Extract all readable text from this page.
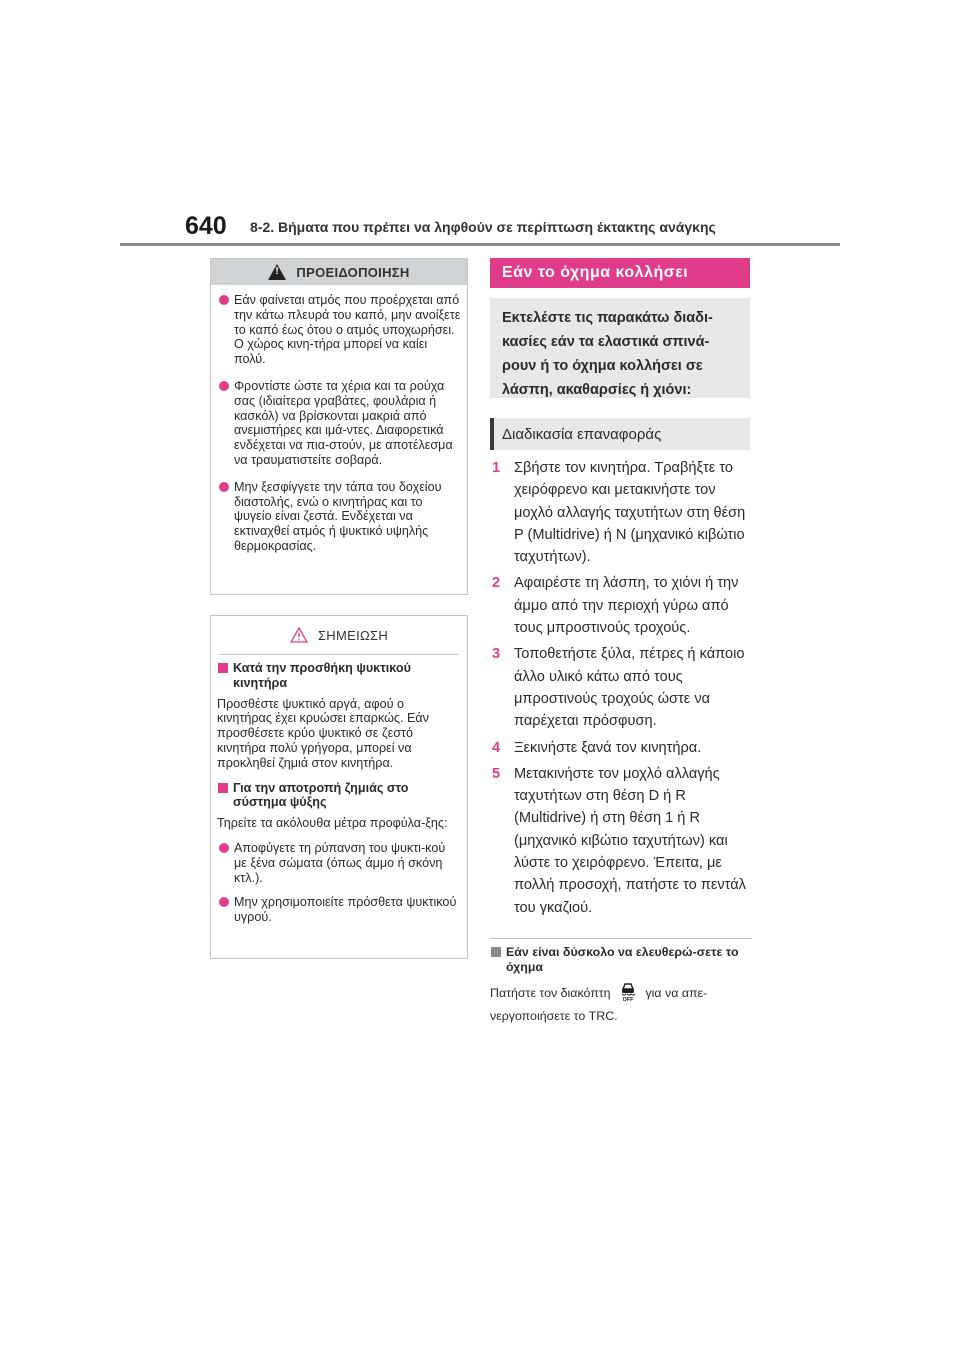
640 8-2. Βήματα που πρέπει να ληφθούν σε περίπτωση έκτακτης ανάγκης
!
ΠΡΟΕΙΔΟΠΟΙΗΣΗ
Εάν φαίνεται ατμός που προέρχεται από την κάτω πλευρά του καπό, μην ανοίξετε το καπό έως ότου ο ατμός υποχωρήσει. Ο χώρος κινη-τήρα μπορεί να καίει πολύ.
Φροντίστε ώστε τα χέρια και τα ρούχα σας (ιδιαίτερα γραβάτες, φουλάρια ή κασκόλ) να βρίσκονται μακριά από ανεμιστήρες και ιμά-ντες. Διαφορετικά ενδέχεται να πια-στούν, με αποτέλεσμα να τραυματιστείτε σοβαρά.
Μην ξεσφίγγετε την τάπα του δοχείου διαστολής, ενώ ο κινητήρας και το ψυγείο είναι ζεστά. Ενδέχεται να εκτιναχθεί ατμός ή ψυκτικό υψηλής θερμοκρασίας.
ΣΗΜΕΙΩΣΗ
Κατά την προσθήκη ψυκτικού κινητήρα
Προσθέστε ψυκτικό αργά, αφού ο κινητήρας έχει κρυώσει επαρκώς. Εάν προσθέσετε κρύο ψυκτικό σε ζεστό κινητήρα πολύ γρήγορα, μπορεί να προκληθεί ζημιά στον κινητήρα.
Για την αποτροπή ζημιάς στο σύστημα ψύξης
Τηρείτε τα ακόλουθα μέτρα προφύλα-ξης:
Αποφύγετε τη ρύπανση του ψυκτι-κού με ξένα σώματα (όπως άμμο ή σκόνη κτλ.).
Μην χρησιμοποιείτε πρόσθετα ψυκτικού υγρού.
Εάν το όχημα κολλήσει
Εκτελέστε τις παρακάτω διαδι-κασίες εάν τα ελαστικά σπινά-ρουν ή το όχημα κολλήσει σε λάσπη, ακαθαρσίες ή χιόνι:
Διαδικασία επαναφοράς
1 Σβήστε τον κινητήρα. Τραβήξτε το χειρόφρενο και μετακινήστε τον μοχλό αλλαγής ταχυτήτων στη θέση P (Multidrive) ή N (μηχανικό κιβώτιο ταχυτήτων).
2 Αφαιρέστε τη λάσπη, το χιόνι ή την άμμο από την περιοχή γύρω από τους μπροστινούς τροχούς.
3 Τοποθετήστε ξύλα, πέτρες ή κάποιο άλλο υλικό κάτω από τους μπροστινούς τροχούς ώστε να παρέχεται πρόσφυση.
4 Ξεκινήστε ξανά τον κινητήρα.
5 Μετακινήστε τον μοχλό αλλαγής ταχυτήτων στη θέση D ή R (Multidrive) ή στη θέση 1 ή R (μηχανικό κιβώτιο ταχυτήτων) και λύστε το χειρόφρενο. Έπειτα, με πολλή προσοχή, πατήστε το πεντάλ του γκαζιού.
Εάν είναι δύσκολο να ελευθερώ-σετε το όχημα
Πατήστε τον διακόπτη OFF για να απε-νεργοποιήσετε το TRC.
